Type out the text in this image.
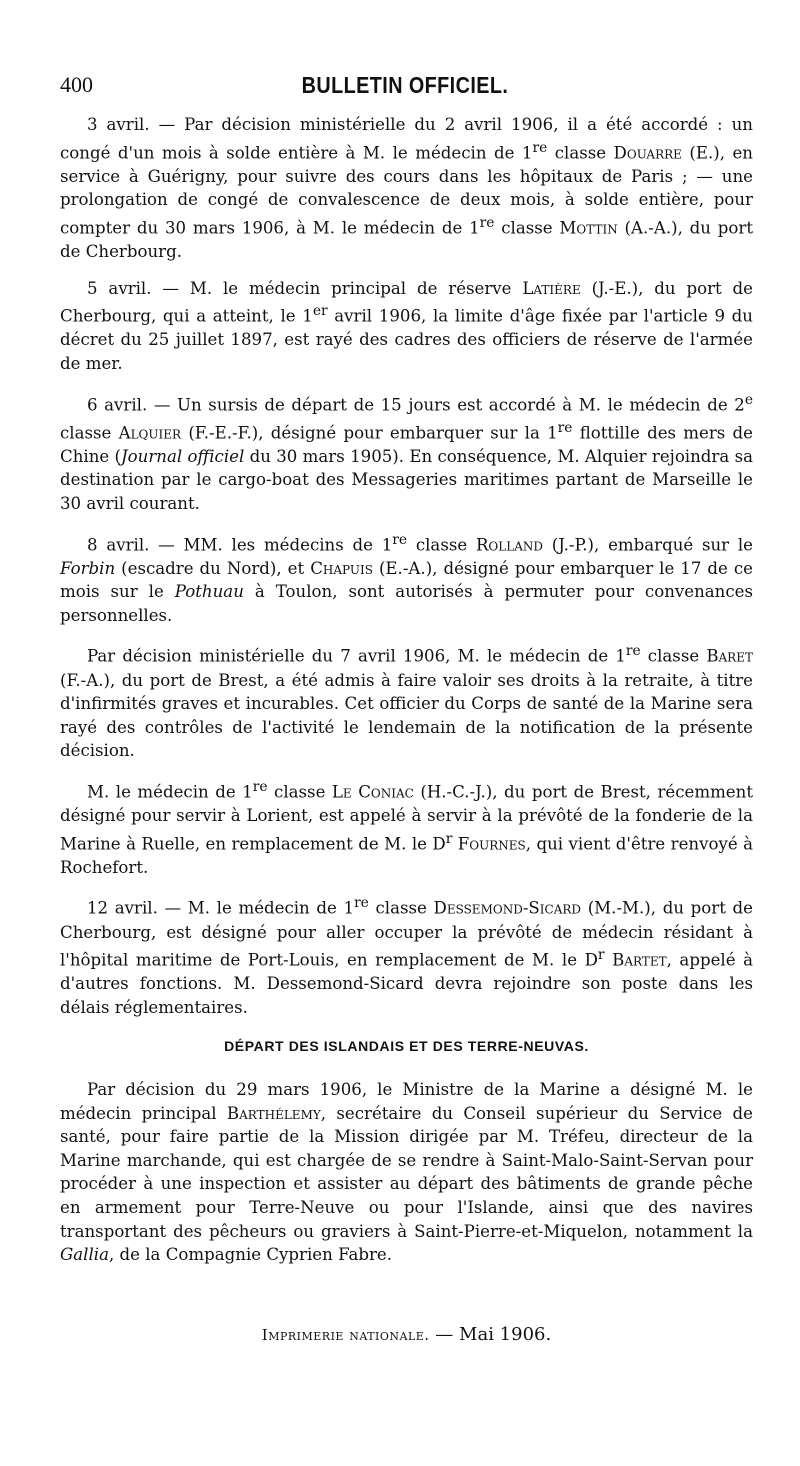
400	BULLETIN OFFICIEL.

3 avril. — Par décision ministérielle du 2 avril 1906, il a été accordé : un congé d'un mois à solde entière à M. le médecin de 1re classe Douarre (E.), en service à Guérigny, pour suivre des cours dans les hôpitaux de Paris ; — une prolongation de congé de convalescence de deux mois, à solde entière, pour compter du 30 mars 1906, à M. le médecin de 1re classe Mottin (A.-A.), du port de Cherbourg.

5 avril. — M. le médecin principal de réserve Latière (J.-E.), du port de Cherbourg, qui a atteint, le 1er avril 1906, la limite d'âge fixée par l'article 9 du décret du 25 juillet 1897, est rayé des cadres des officiers de réserve de l'armée de mer.

6 avril. — Un sursis de départ de 15 jours est accordé à M. le médecin de 2e classe Alquier (F.-E.-F.), désigné pour embarquer sur la 1re flottille des mers de Chine (Journal officiel du 30 mars 1905). En conséquence, M. Alquier rejoindra sa destination par le cargo-boat des Messageries maritimes partant de Marseille le 30 avril courant.

8 avril. — MM. les médecins de 1re classe Rolland (J.-P.), embarqué sur le Forbin (escadre du Nord), et Chapuis (E.-A.), désigné pour embarquer le 17 de ce mois sur le Pothuau à Toulon, sont autorisés à permuter pour convenances personnelles.

Par décision ministérielle du 7 avril 1906, M. le médecin de 1re classe Baret (F.-A.), du port de Brest, a été admis à faire valoir ses droits à la retraite, à titre d'infirmités graves et incurables. Cet officier du Corps de santé de la Marine sera rayé des contrôles de l'activité le lendemain de la notification de la présente décision.

M. le médecin de 1re classe Le Coniac (H.-C.-J.), du port de Brest, récemment désigné pour servir à Lorient, est appelé à servir à la prévôté de la fonderie de la Marine à Ruelle, en remplacement de M. le $D^r$ Fournes, qui vient d'être renvoyé à Rochefort.

12 avril. — M. le médecin de 1re classe Dessemond-Sicard (M.-M.), du port de Cherbourg, est désigné pour aller occuper la prévôté de médecin résidant à l'hôpital maritime de Port-Louis, en remplacement de M. le $D^r$ Bartet, appelé à d'autres fonctions. M. Dessemond-Sicard devra rejoindre son poste dans les délais réglementaires.

DÉPART DES ISLANDAIS ET DES TERRE-NEUVAS.

Par décision du 29 mars 1906, le Ministre de la Marine a désigné M. le médecin principal Barthélemy, secrétaire du Conseil supérieur du Service de santé, pour faire partie de la Mission dirigée par M. Tréfeu, directeur de la Marine marchande, qui est chargée de se rendre à Saint-Malo-Saint-Servan pour procéder à une inspection et assister au départ des bâtiments de grande pêche en armement pour Terre-Neuve ou pour l'Islande, ainsi que des navires transportant des pêcheurs ou graviers à Saint-Pierre-et-Miquelon, notamment la Gallia, de la Compagnie Cyprien Fabre.

Imprimerie nationale. — Mai 1906.
